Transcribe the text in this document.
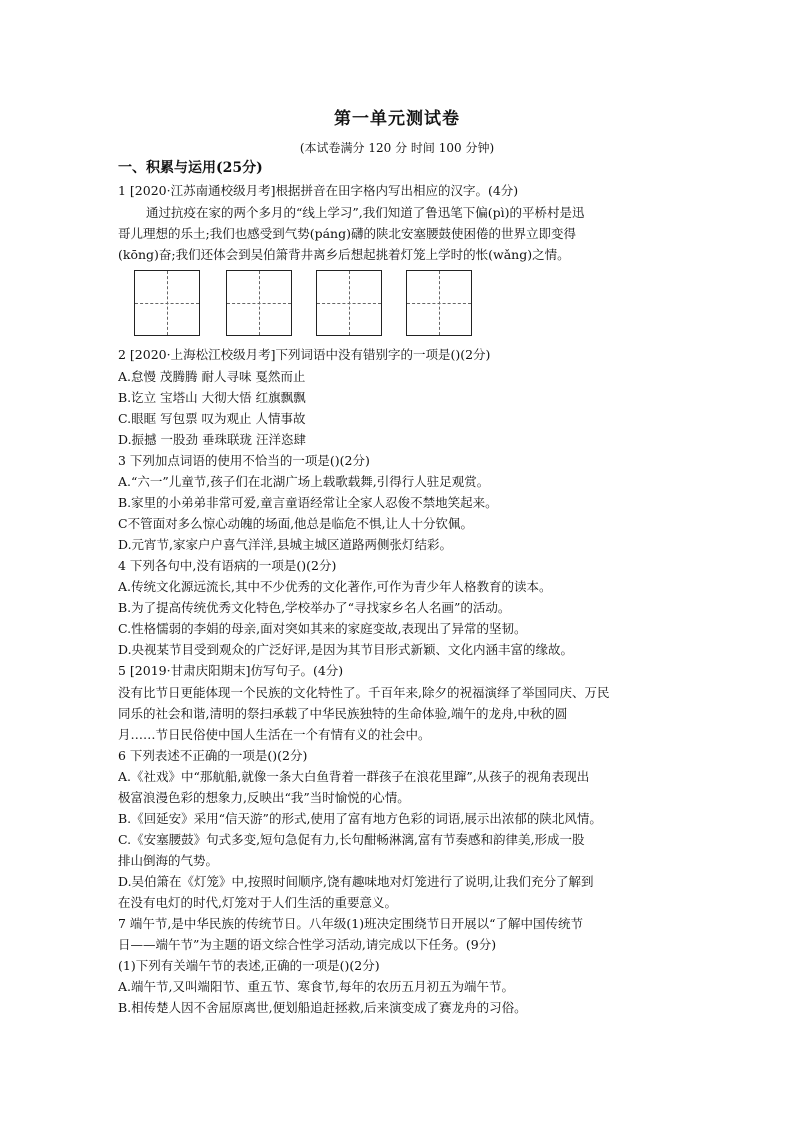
第一单元测试卷
(本试卷满分 120 分 时间 100 分钟)
一、积累与运用(25分)
1 [2020·江苏南通校级月考]根据拼音在田字格内写出相应的汉字。(4分)
通过抗疫在家的两个多月的“线上学习”,我们知道了鲁迅笔下偏(pì)的平桥村是迅
哥儿理想的乐土;我们也感受到气势(páng)礴的陕北安塞腰鼓使困倦的世界立即变得
(kōng)奋;我们还体会到吴伯箫背井离乡后想起挑着灯笼上学时的怅(wǎng)之情。
2 [2020·上海松江校级月考]下列词语中没有错别字的一项是()(2分)
A.怠慢 茂腾腾 耐人寻味 戛然而止
B.讫立 宝塔山 大彻大悟 红旗飘飘
C.眼眶 写包票 叹为观止 人情事故
D.振撼 一股劲 垂珠联珑 汪洋恣肆
3 下列加点词语的使用不恰当的一项是()(2分)
A.“六一”儿童节,孩子们在北湖广场上载歌载舞,引得行人驻足观赏。
B.家里的小弟弟非常可爱,童言童语经常让全家人忍俊不禁地笑起来。
C不管面对多么惊心动魄的场面,他总是临危不惧,让人十分钦佩。
D.元宵节,家家户户喜气洋洋,县城主城区道路两侧张灯结彩。
4 下列各句中,没有语病的一项是()(2分)
A.传统文化源远流长,其中不少优秀的文化著作,可作为青少年人格教育的读本。
B.为了提高传统优秀文化特色,学校举办了“寻找家乡名人名画”的活动。
C.性格懦弱的李娟的母亲,面对突如其来的家庭变故,表现出了异常的坚韧。
D.央视某节目受到观众的广泛好评,是因为其节目形式新颖、文化内涵丰富的缘故。
5 [2019·甘肃庆阳期末]仿写句子。(4分)
没有比节日更能体现一个民族的文化特性了。千百年来,除夕的祝福演绎了举国同庆、万民
同乐的社会和谐,清明的祭扫承载了中华民族独特的生命体验,端午的龙舟,中秋的圆
月……节日民俗使中国人生活在一个有情有义的社会中。
6 下列表述不正确的一项是()(2分)
A.《社戏》中“那航船,就像一条大白鱼背着一群孩子在浪花里蹿”,从孩子的视角表现出
极富浪漫色彩的想象力,反映出“我”当时愉悦的心情。
B.《回延安》采用“信天游”的形式,使用了富有地方色彩的词语,展示出浓郁的陕北风情。
C.《安塞腰鼓》句式多变,短句急促有力,长句酣畅淋漓,富有节奏感和韵律美,形成一股
排山倒海的气势。
D.吴伯箫在《灯笼》中,按照时间顺序,饶有趣味地对灯笼进行了说明,让我们充分了解到
在没有电灯的时代,灯笼对于人们生活的重要意义。
7 端午节,是中华民族的传统节日。八年级(1)班决定围绕节日开展以“了解中国传统节
日——端午节”为主题的语文综合性学习活动,请完成以下任务。(9分)
(1)下列有关端午节的表述,正确的一项是()(2分)
A.端午节,又叫端阳节、重五节、寒食节,每年的农历五月初五为端午节。
B.相传楚人因不舍屈原离世,便划船追赶拯救,后来演变成了赛龙舟的习俗。
